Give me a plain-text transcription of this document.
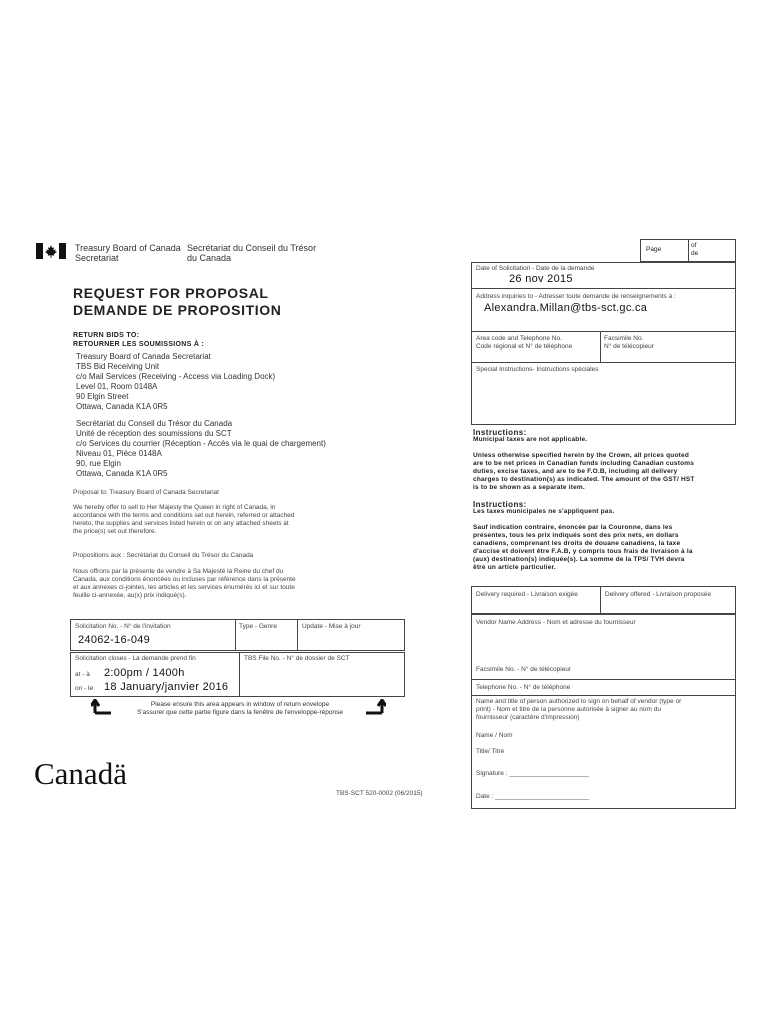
Treasury Board of Canada
Secretariat
Secrétariat du Conseil du Trésor
du Canada
REQUEST FOR PROPOSAL
DEMANDE DE PROPOSITION
RETURN BIDS TO:
RETOURNER LES SOUMISSIONS À :
Treasury Board of Canada Secretariat
TBS Bid Receiving Unit
c/o Mail Services (Receiving - Access via Loading Dock)
Level 01, Room 0148A
90 Elgin Street
Ottawa, Canada K1A 0R5
Secrétariat du Conseil du Trésor du Canada
Unité de réception des soumissions du SCT
c/o Services du courrier (Réception - Accès via le quai de chargement)
Niveau 01, Pièce 0148A
90, rue Elgin
Ottawa, Canada K1A 0R5
Proposal to: Treasury Board of Canada Secretariat
We hereby offer to sell to Her Majesty the Queen in right of Canada, in
accordance with the terms and conditions set out herein, referred or attached
hereto, the supplies and services listed herein or on any attached sheets at
the price(s) set out therefore.
Propositions aux : Secrétariat du Conseil du Trésor du Canada
Nous offrons par la présente de vendre à Sa Majesté la Reine du chef du
Canada, aux conditions énoncées ou incluses par référence dans la présente
et aux annexes ci-jointes, les articles et les services énumérés ici et sur toute
feuille ci-annexée, au(x) prix indiqué(s).
Solicitation No. - N° de l'invitation
24062-16-049
Type - Genre	Update - Mise à jour
Solicitation closes - La demande prend fin	TBS File No. - N° de dossier de SCT
at - à 2:00pm / 1400h
on - le 18 January/janvier 2016
Please ensure this area appears in window of return envelope
S'assurer que cette partie figure dans la fenêtre de l'enveloppe-réponse
Canadä
TBS-SCT 520-0002 (06/2015)
Page
of
de
Date of Solicitation - Date de la demande
26 nov 2015
Address inquiries to - Adresser toute demande de renseignements à :
Alexandra.Millan@tbs-sct.gc.ca
Area code and Telephone No.
Code régional et N° de téléphone
Facsimile No.
N° de télécopieur
Special Instructions- Instructions spéciales
Instructions:
Municipal taxes are not applicable.
Unless otherwise specified herein by the Crown, all prices quoted
are to be net prices in Canadian funds including Canadian customs
duties, excise taxes, and are to be F.O.B, including all delivery
charges to destination(s) as indicated. The amount of the GST/ HST
is to be shown as a separate item.
Instructions:
Les taxes municipales ne s'appliquent pas.
Sauf indication contraire, énoncée par la Couronne, dans les
présentes, tous les prix indiqués sont des prix nets, en dollars
canadiens, comprenant les droits de douane canadiens, la taxe
d'accise et doivent être F.A.B, y compris tous frais de livraison à la
(aux) destination(s) indiquée(s). La somme de la TPS/ TVH devra
être un article particulier.
Delivery required - Livraison exigée	Delivery offered - Livraison proposée
Vendor Name Address - Nom et adresse du fournisseur
Facsimile No. - N° de télécopieur
Telephone No. - N° de téléphone
Name and title of person authorized to sign on behalf of vendor (type or
print) - Nom et titre de la personne autorisée à signer au nom du
fournisseur (caractère d'impression)
Name / Nom
Title/ Titre
Signature : ______________________
Date : __________________________
